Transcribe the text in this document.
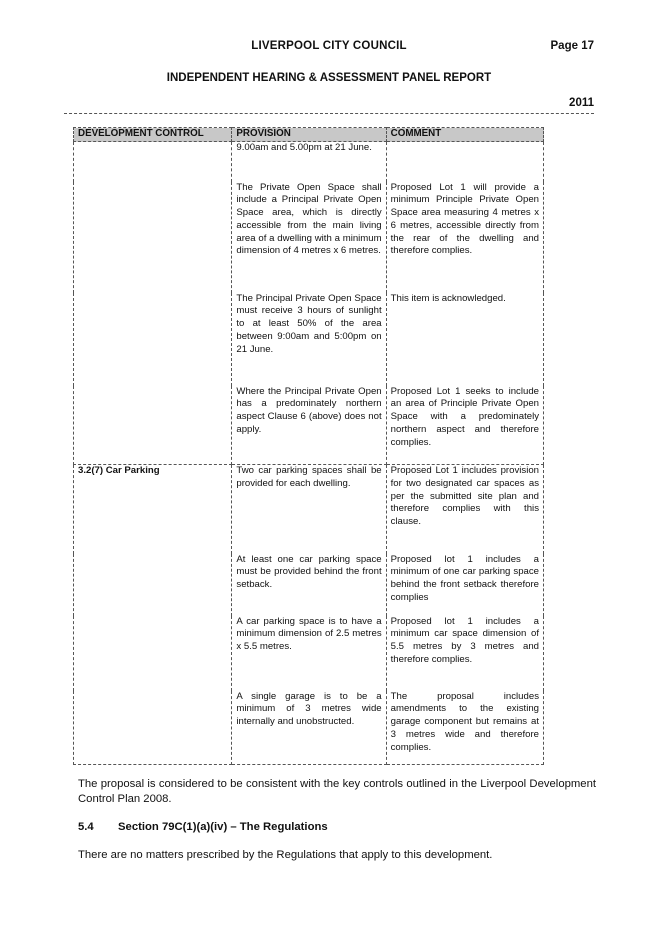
LIVERPOOL CITY COUNCIL	Page 17
INDEPENDENT HEARING & ASSESSMENT PANEL REPORT
2011
DEVELOPMENT CONTROL	PROVISION	COMMENT
	9.00am and 5.00pm at 21 June.	
	The Private Open Space shall include a Principal Private Open Space area, which is directly accessible from the main living area of a dwelling with a minimum dimension of 4 metres x 6 metres.	Proposed Lot 1 will provide a minimum Principle Private Open Space area measuring 4 metres x 6 metres, accessible directly from the rear of the dwelling and therefore complies.
	The Principal Private Open Space must receive 3 hours of sunlight to at least 50% of the area between 9:00am and 5:00pm on 21 June.	This item is acknowledged.
	Where the Principal Private Open has a predominately northern aspect Clause 6 (above) does not apply.	Proposed Lot 1 seeks to include an area of Principle Private Open Space with a predominately northern aspect and therefore complies.
3.2(7) Car Parking	Two car parking spaces shall be provided for each dwelling.	Proposed Lot 1 includes provision for two designated car spaces as per the submitted site plan and therefore complies with this clause.
	At least one car parking space must be provided behind the front setback.	Proposed lot 1 includes a minimum of one car parking space behind the front setback therefore complies
	A car parking space is to have a minimum dimension of 2.5 metres x 5.5 metres.	Proposed lot 1 includes a minimum car space dimension of 5.5 metres by 3 metres and therefore complies.
	A single garage is to be a minimum of 3 metres wide internally and unobstructed.	The proposal includes amendments to the existing garage component but remains at 3 metres wide and therefore complies.

The proposal is considered to be consistent with the key controls outlined in the Liverpool Development Control Plan 2008.

5.4 Section 79C(1)(a)(iv) – The Regulations

There are no matters prescribed by the Regulations that apply to this development.
